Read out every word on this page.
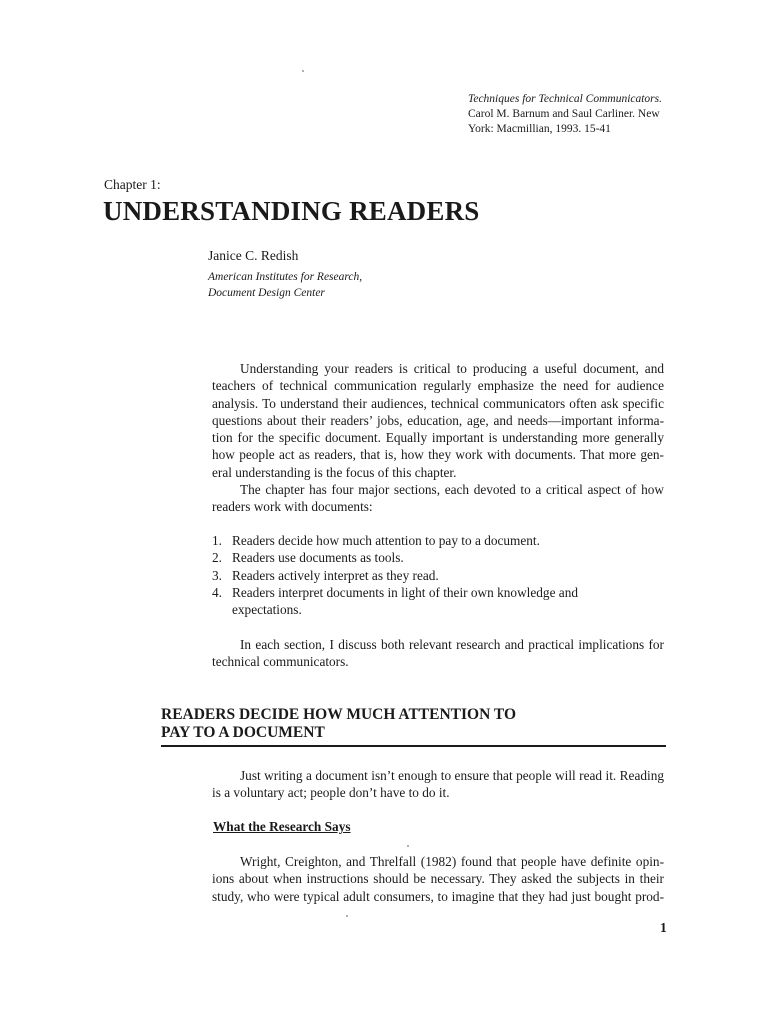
Techniques for Technical Communicators.
Carol M. Barnum and Saul Carliner. New
York: Macmillian, 1993. 15-41
Chapter 1:
UNDERSTANDING READERS
Janice C. Redish
American Institutes for Research,
Document Design Center
Understanding your readers is critical to producing a useful document, and
teachers of technical communication regularly emphasize the need for audience
analysis. To understand their audiences, technical communicators often ask specific
questions about their readers’ jobs, education, age, and needs—important informa-
tion for the specific document. Equally important is understanding more generally
how people act as readers, that is, how they work with documents. That more gen-
eral understanding is the focus of this chapter.
The chapter has four major sections, each devoted to a critical aspect of how
readers work with documents:
1. Readers decide how much attention to pay to a document.
2. Readers use documents as tools.
3. Readers actively interpret as they read.
4. Readers interpret documents in light of their own knowledge and
expectations.
In each section, I discuss both relevant research and practical implications for
technical communicators.
READERS DECIDE HOW MUCH ATTENTION TO
PAY TO A DOCUMENT
Just writing a document isn’t enough to ensure that people will read it. Reading
is a voluntary act; people don’t have to do it.
What the Research Says
Wright, Creighton, and Threlfall (1982) found that people have definite opin-
ions about when instructions should be necessary. They asked the subjects in their
study, who were typical adult consumers, to imagine that they had just bought prod-
1
